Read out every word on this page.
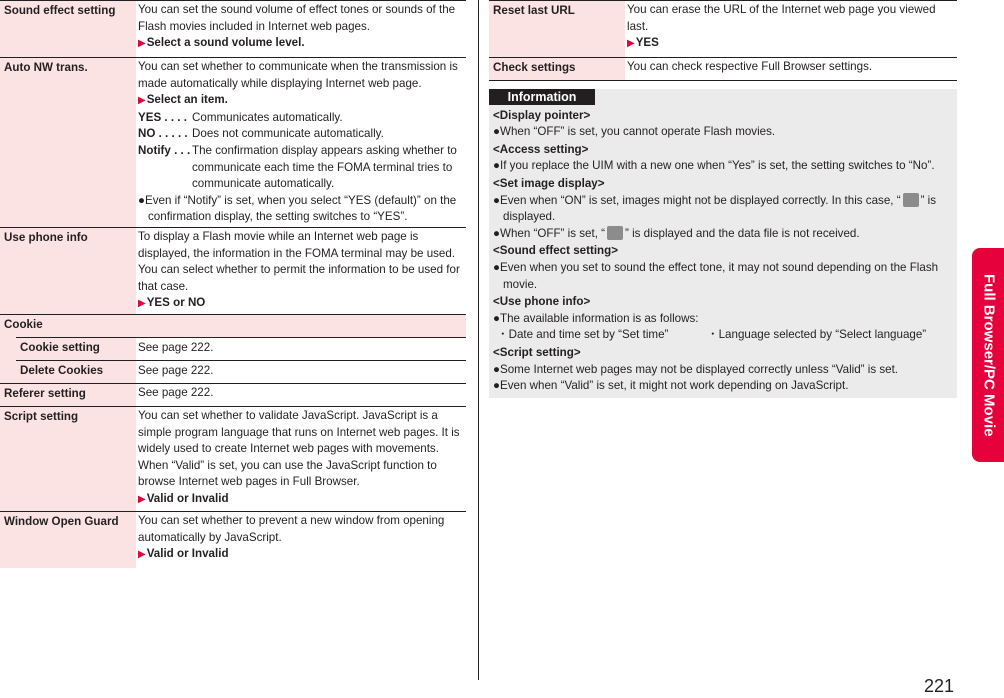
Sound effect setting	You can set the sound volume of effect tones or sounds of the Flash movies included in Internet web pages.
▶Select a sound volume level.
Auto NW trans.	You can set whether to communicate when the transmission is made automatically while displaying Internet web page.
▶Select an item.
YES . . . . Communicates automatically.
NO . . . . . Does not communicate automatically.
Notify . . . The confirmation display appears asking whether to communicate each time the FOMA terminal tries to communicate automatically.
●Even if “Notify” is set, when you select “YES (default)” on the confirmation display, the setting switches to “YES”.
Use phone info	To display a Flash movie while an Internet web page is displayed, the information in the FOMA terminal may be used. You can select whether to permit the information to be used for that case.
▶YES or NO
Cookie
Cookie setting	See page 222.
Delete Cookies	See page 222.
Referer setting	See page 222.
Script setting	You can set whether to validate JavaScript. JavaScript is a simple program language that runs on Internet web pages. It is widely used to create Internet web pages with movements. When “Valid” is set, you can use the JavaScript function to browse Internet web pages in Full Browser.
▶Valid or Invalid
Window Open Guard	You can set whether to prevent a new window from opening automatically by JavaScript.
▶Valid or Invalid
Reset last URL	You can erase the URL of the Internet web page you viewed last.
▶YES
Check settings	You can check respective Full Browser settings.
Information
<Display pointer>
●When “OFF” is set, you cannot operate Flash movies.
<Access setting>
●If you replace the UIM with a new one when “Yes” is set, the setting switches to “No”.
<Set image display>
●Even when “ON” is set, images might not be displayed correctly. In this case, “ ” is displayed.
●When “OFF” is set, “ ” is displayed and the data file is not received.
<Sound effect setting>
●Even when you set to sound the effect tone, it may not sound depending on the Flash movie.
<Use phone info>
●The available information is as follows:
・Date and time set by “Set time”	・Language selected by “Select language”
<Script setting>
●Some Internet web pages may not be displayed correctly unless “Valid” is set.
●Even when “Valid” is set, it might not work depending on JavaScript.	Full Browser/PC Movie
221
